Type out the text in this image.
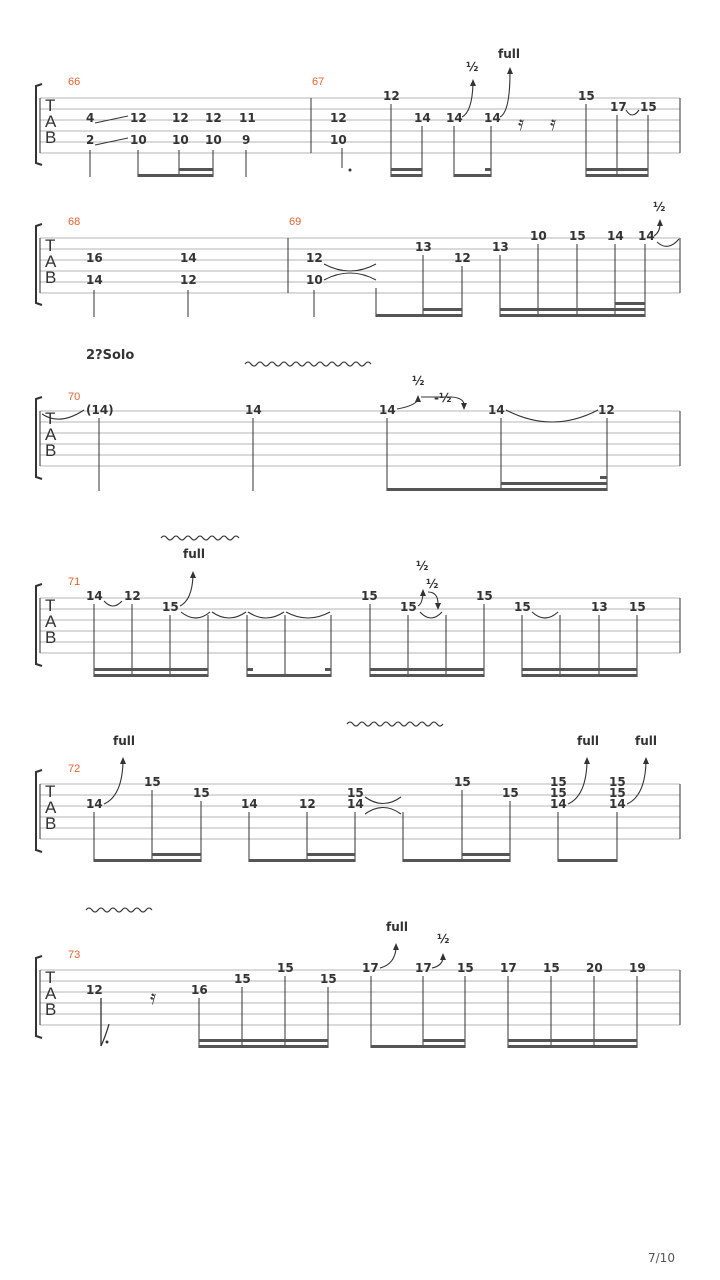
T
A
B
66
4	12 12 12 11
2	10 10 10 9
67
12
12	14 14 14
10
15
17 15
½
full
𝄿 𝄿
T
A
B
68
16	14
14	12
69
12
10
13
12
13
10 15 14 14
½
2?Solo
T
A
B
70
(14)	14	14	14	12
½
-½
T
A
B
71
14 12
15
15
15
15
15	13 15
full
½
½
T
A
B
72
14
15
15
14	12
15
14
15
15
15
15
14
15
15
14
full	full	full
T
A
B
73
12	16
15
15
15
17	17 15 17 15 20 19
full
½
𝄿
7/10
